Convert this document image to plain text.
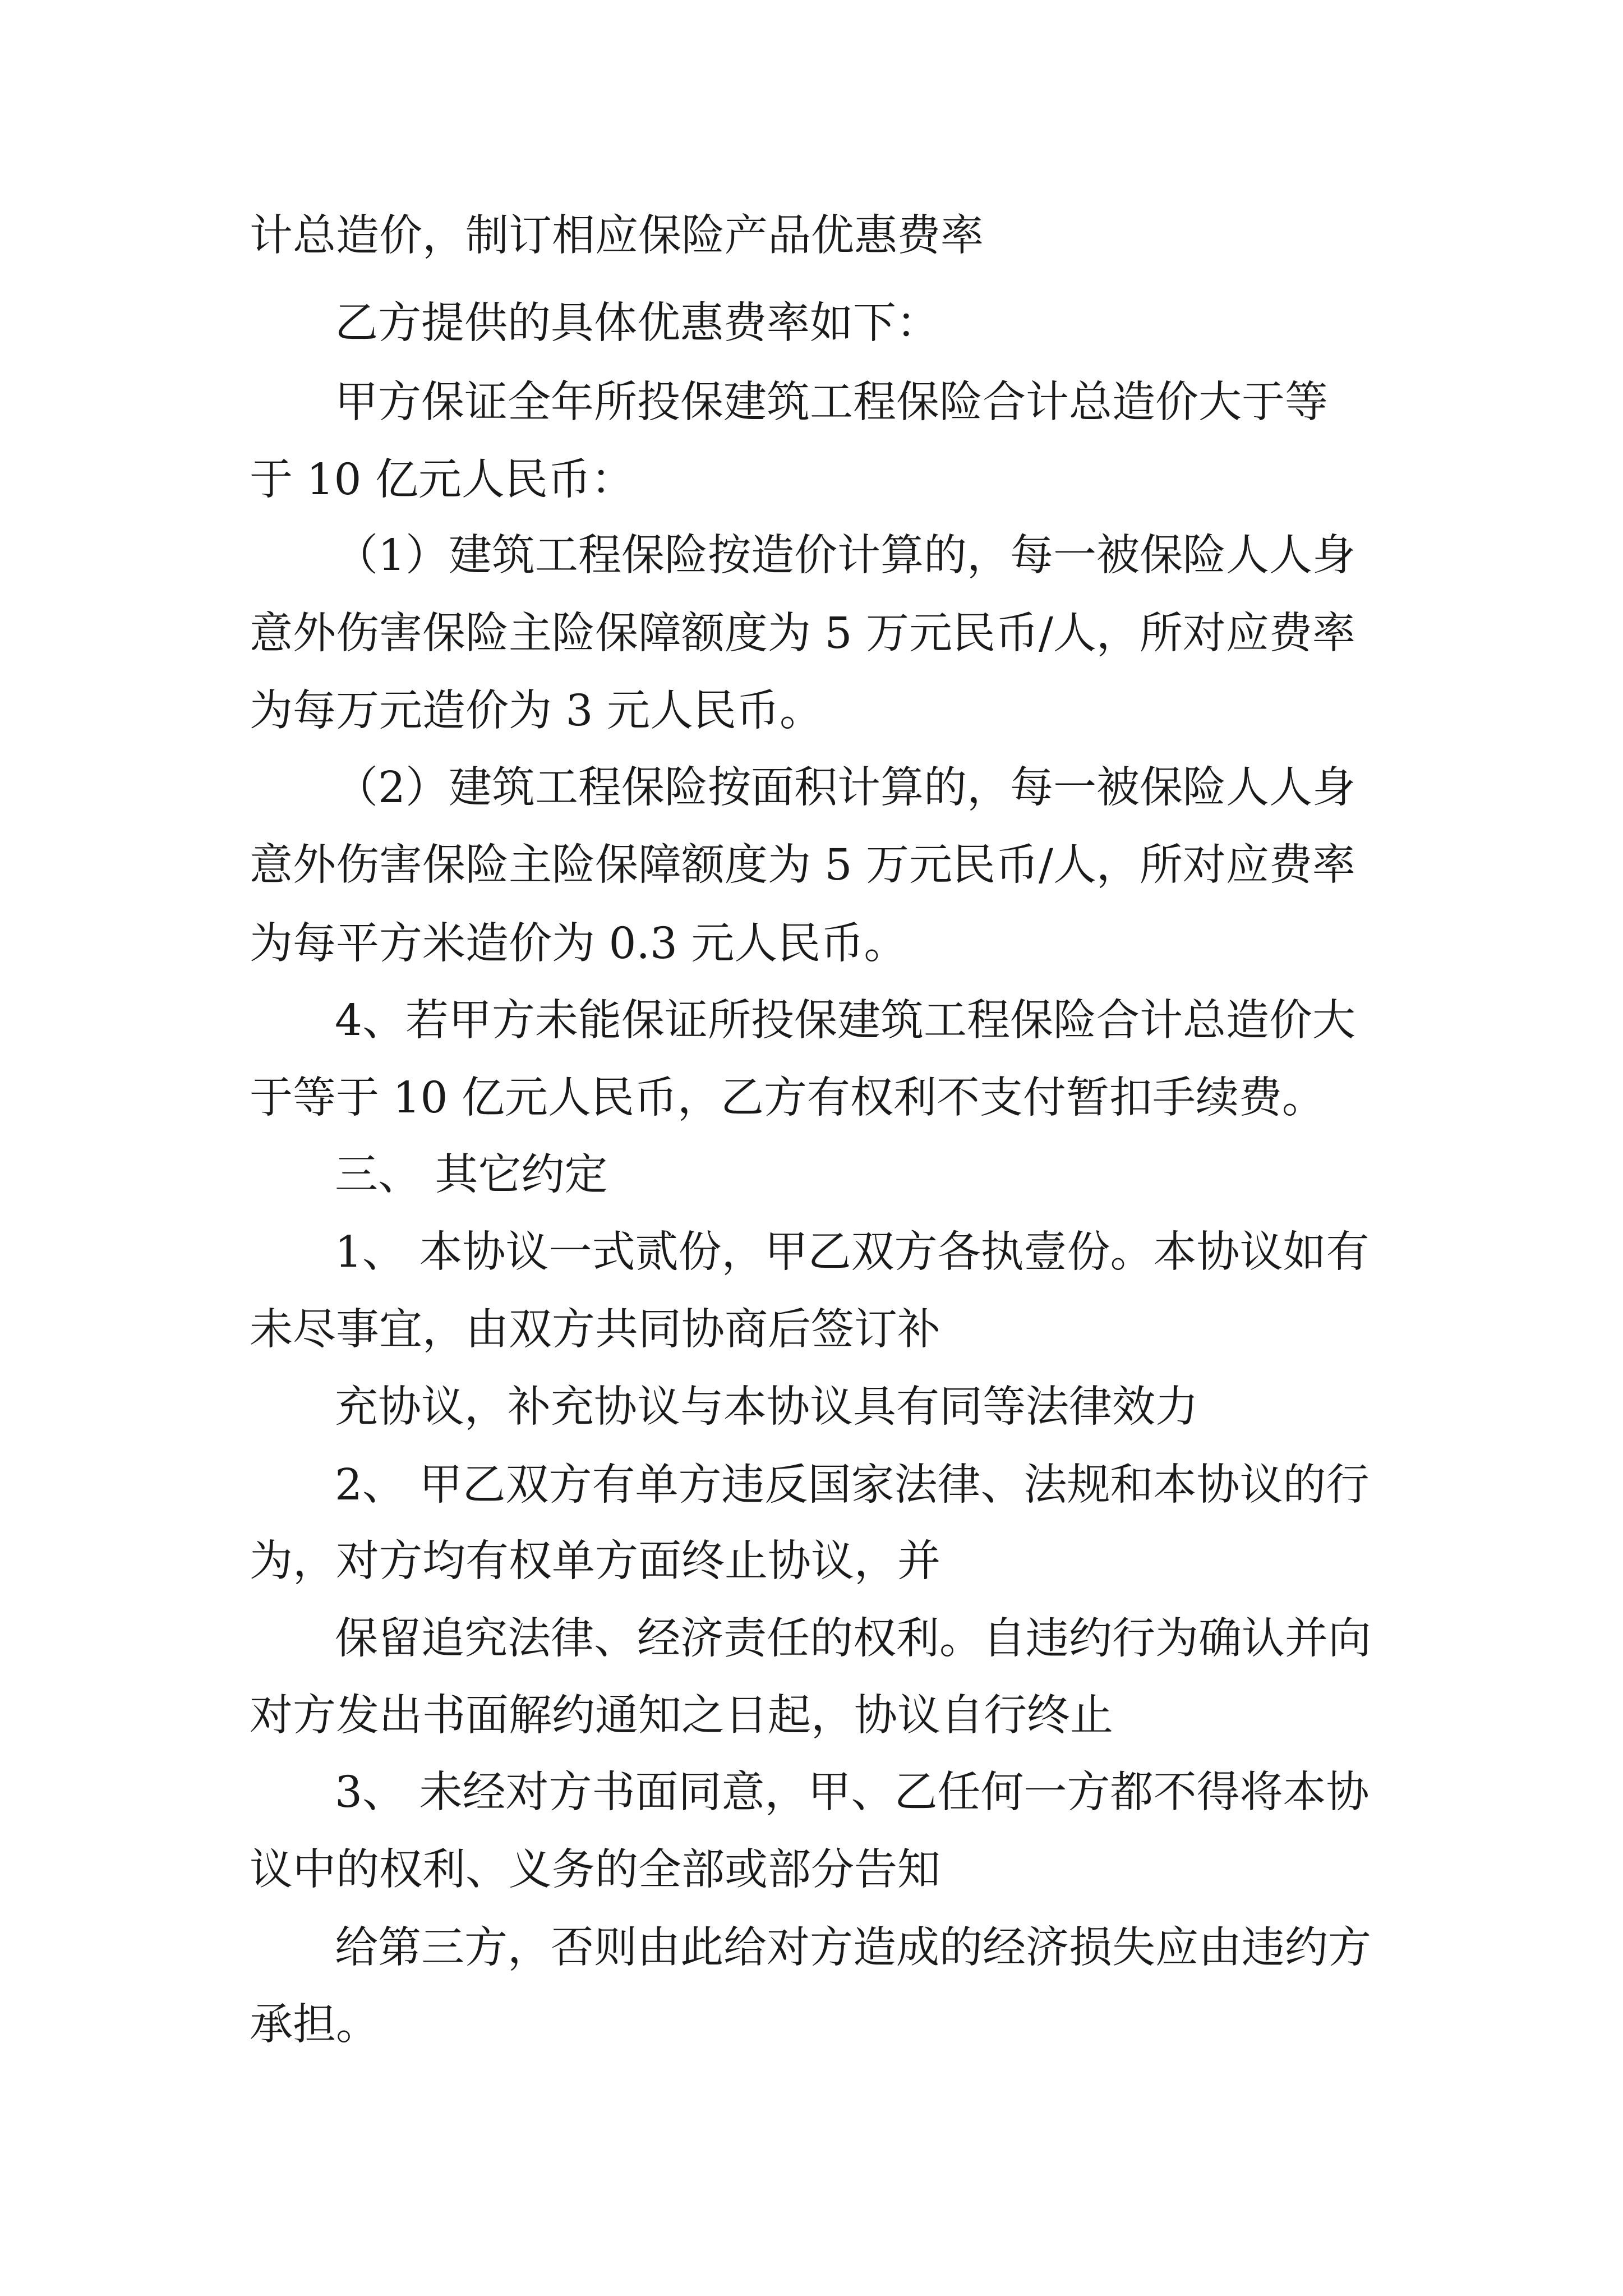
计总造价，制订相应保险产品优惠费率

乙方提供的具体优惠费率如下：

甲方保证全年所投保建筑工程保险合计总造价大于等

于 10 亿元人民币：

（1）建筑工程保险按造价计算的，每一被保险人人身

意外伤害保险主险保障额度为 5 万元民币/人，所对应费率

为每万元造价为 3 元人民币。

（2）建筑工程保险按面积计算的，每一被保险人人身

意外伤害保险主险保障额度为 5 万元民币/人，所对应费率

为每平方米造价为 0.3 元人民币。

4、若甲方未能保证所投保建筑工程保险合计总造价大

于等于 10 亿元人民币，乙方有权利不支付暂扣手续费。

三、 其它约定

1、 本协议一式贰份，甲乙双方各执壹份。本协议如有

未尽事宜，由双方共同协商后签订补

充协议，补充协议与本协议具有同等法律效力

2、 甲乙双方有单方违反国家法律、法规和本协议的行

为，对方均有权单方面终止协议，并

保留追究法律、经济责任的权利。自违约行为确认并向

对方发出书面解约通知之日起，协议自行终止

3、 未经对方书面同意，甲、乙任何一方都不得将本协

议中的权利、义务的全部或部分告知

给第三方，否则由此给对方造成的经济损失应由违约方

承担。
